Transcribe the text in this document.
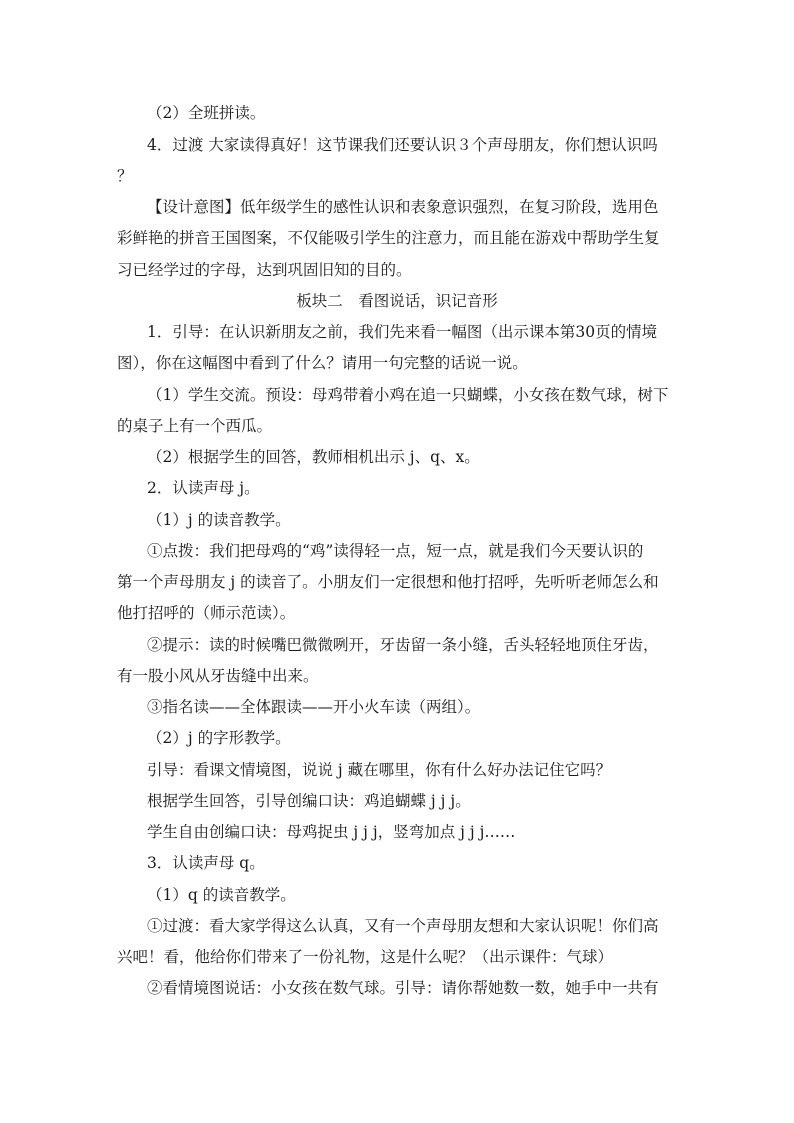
（2）全班拼读。
4．过渡 大家读得真好！这节课我们还要认识３个声母朋友，你们想认识吗
？
【设计意图】低年级学生的感性认识和表象意识强烈，在复习阶段，选用色
彩鲜艳的拼音王国图案，不仅能吸引学生的注意力，而且能在游戏中帮助学生复
习已经学过的字母，达到巩固旧知的目的。
板块二　看图说话，识记音形
1．引导：在认识新朋友之前，我们先来看一幅图（出示课本第30页的情境
图），你在这幅图中看到了什么？请用一句完整的话说一说。
（1）学生交流。预设：母鸡带着小鸡在追一只蝴蝶，小女孩在数气球，树下
的桌子上有一个西瓜。
（2）根据学生的回答，教师相机出示 j、q、x。
2．认读声母 j。
（1）j 的读音教学。
①点拨：我们把母鸡的“鸡”读得轻一点，短一点，就是我们今天要认识的
第一个声母朋友 j 的读音了。小朋友们一定很想和他打招呼，先听听老师怎么和
他打招呼的（师示范读）。
②提示：读的时候嘴巴微微咧开，牙齿留一条小缝，舌头轻轻地顶住牙齿，
有一股小风从牙齿缝中出来。
③指名读——全体跟读——开小火车读（两组）。
（2）j 的字形教学。
引导：看课文情境图，说说 j 藏在哪里，你有什么好办法记住它吗？
根据学生回答，引导创编口诀：鸡追蝴蝶 j j j。
学生自由创编口诀：母鸡捉虫 j j j，竖弯加点 j j j……
3．认读声母 q。
（1）q 的读音教学。
①过渡：看大家学得这么认真，又有一个声母朋友想和大家认识呢！你们高
兴吧！看，他给你们带来了一份礼物，这是什么呢？（出示课件：气球）
②看情境图说话：小女孩在数气球。引导：请你帮她数一数，她手中一共有
